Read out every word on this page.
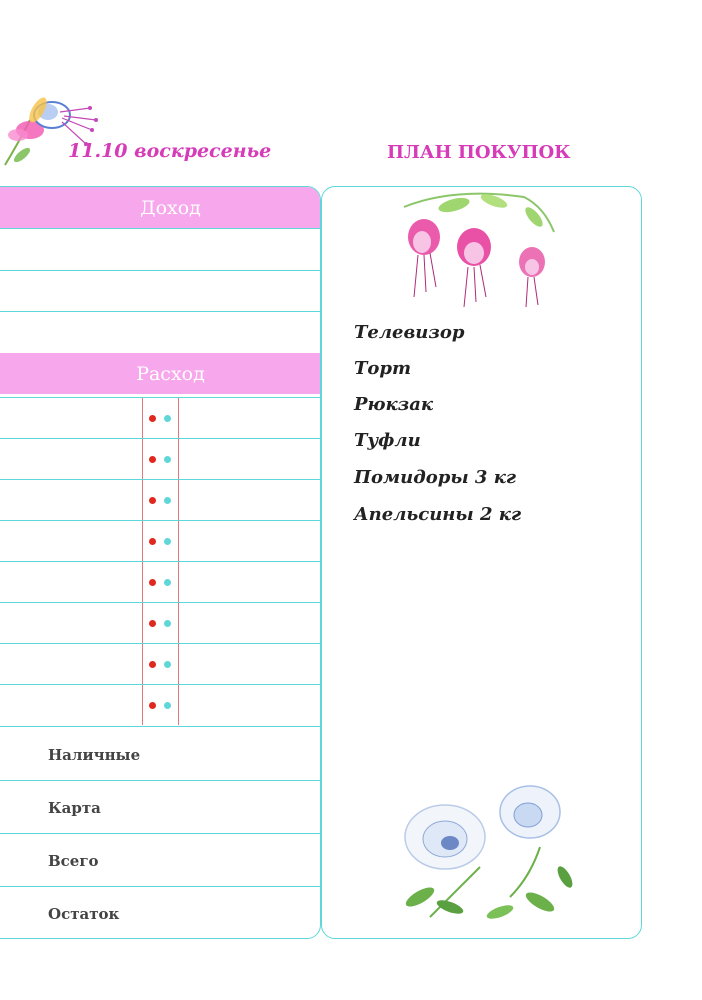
11.10 воскресенье	ПЛАН ПОКУПОК
Доход
Расход
Наличные
Карта
Всего
Остаток
Телевизор
Торт
Рюкзак
Туфли
Помидоры 3 кг
Апельсины 2 кг
